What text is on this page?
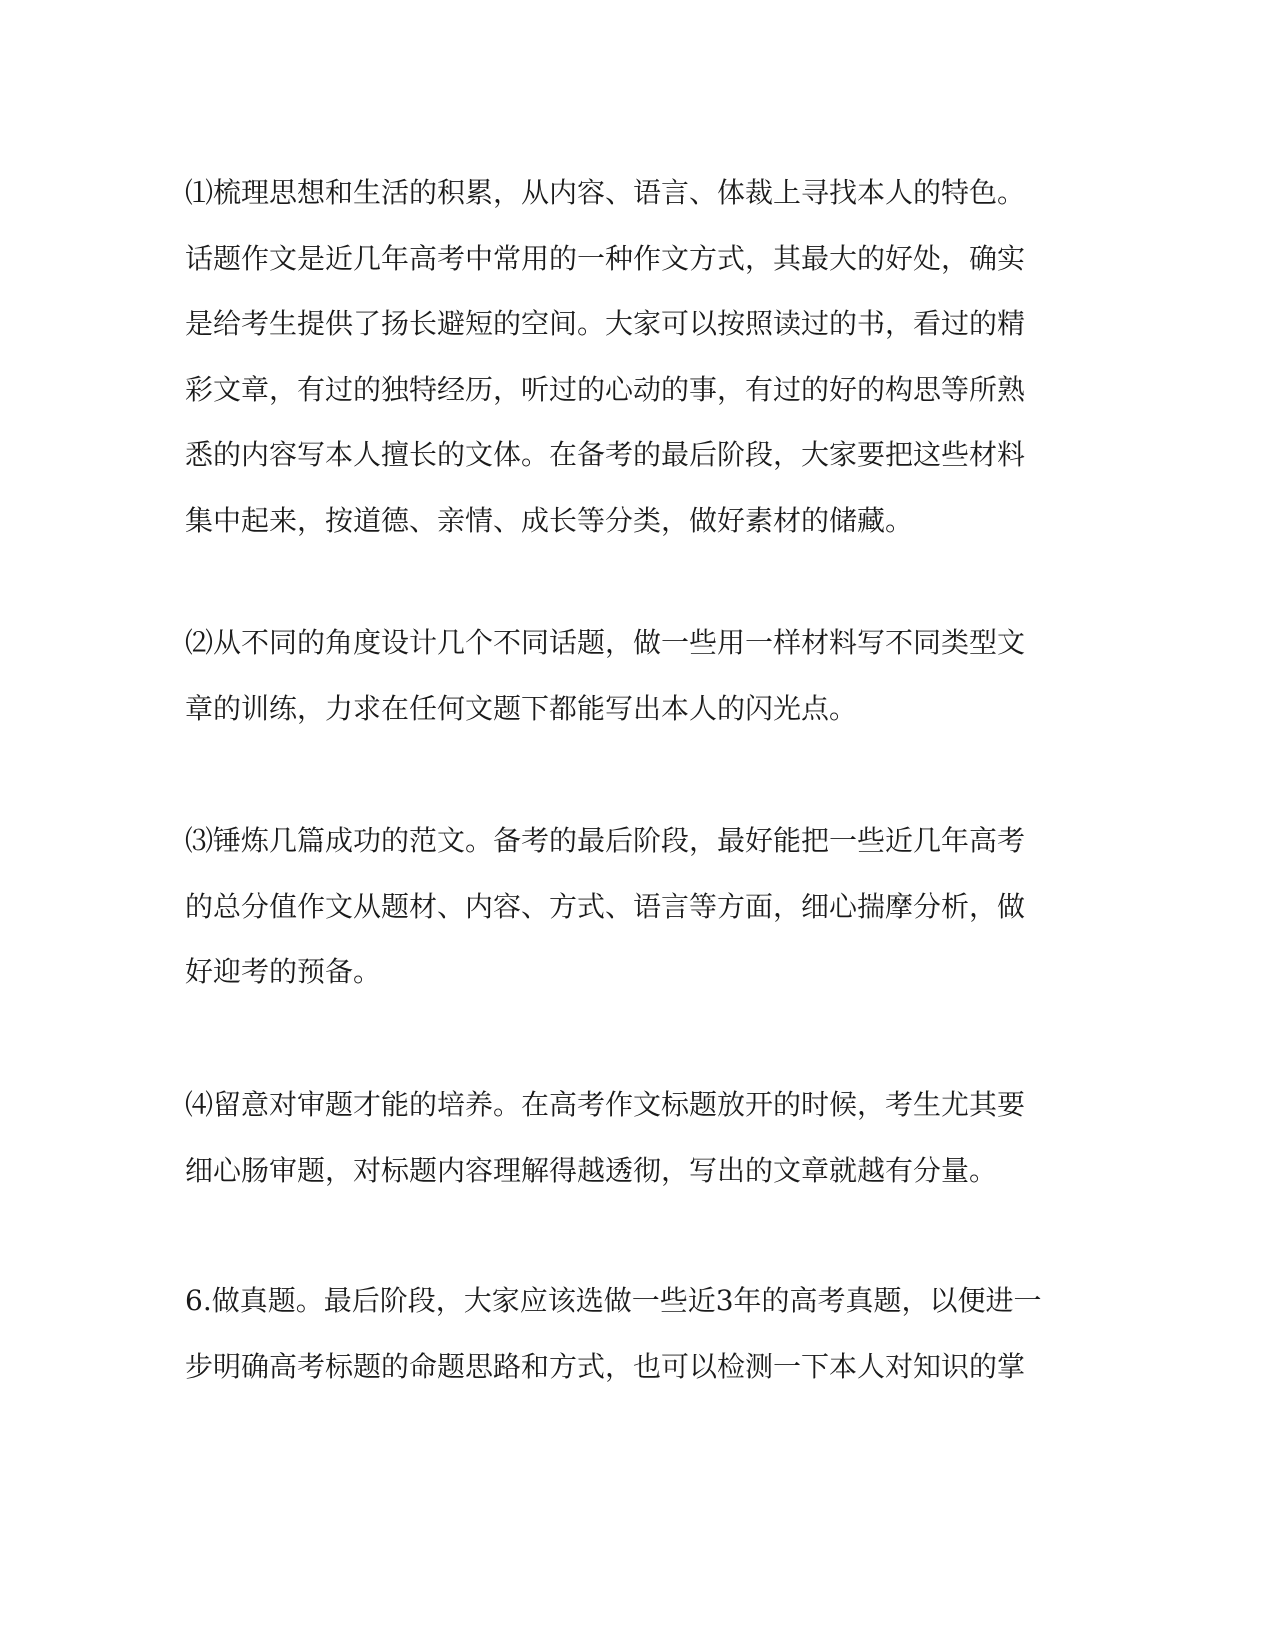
⑴梳理思想和生活的积累，从内容、语言、体裁上寻找本人的特色。
话题作文是近几年高考中常用的一种作文方式，其最大的好处，确实
是给考生提供了扬长避短的空间。大家可以按照读过的书，看过的精
彩文章，有过的独特经历，听过的心动的事，有过的好的构思等所熟
悉的内容写本人擅长的文体。在备考的最后阶段，大家要把这些材料
集中起来，按道德、亲情、成长等分类，做好素材的储藏。

⑵从不同的角度设计几个不同话题，做一些用一样材料写不同类型文
章的训练，力求在任何文题下都能写出本人的闪光点。

⑶锤炼几篇成功的范文。备考的最后阶段，最好能把一些近几年高考
的总分值作文从题材、内容、方式、语言等方面，细心揣摩分析，做
好迎考的预备。

⑷留意对审题才能的培养。在高考作文标题放开的时候，考生尤其要
细心肠审题，对标题内容理解得越透彻，写出的文章就越有分量。

6.做真题。最后阶段，大家应该选做一些近3年的高考真题，以便进一
步明确高考标题的命题思路和方式，也可以检测一下本人对知识的掌
